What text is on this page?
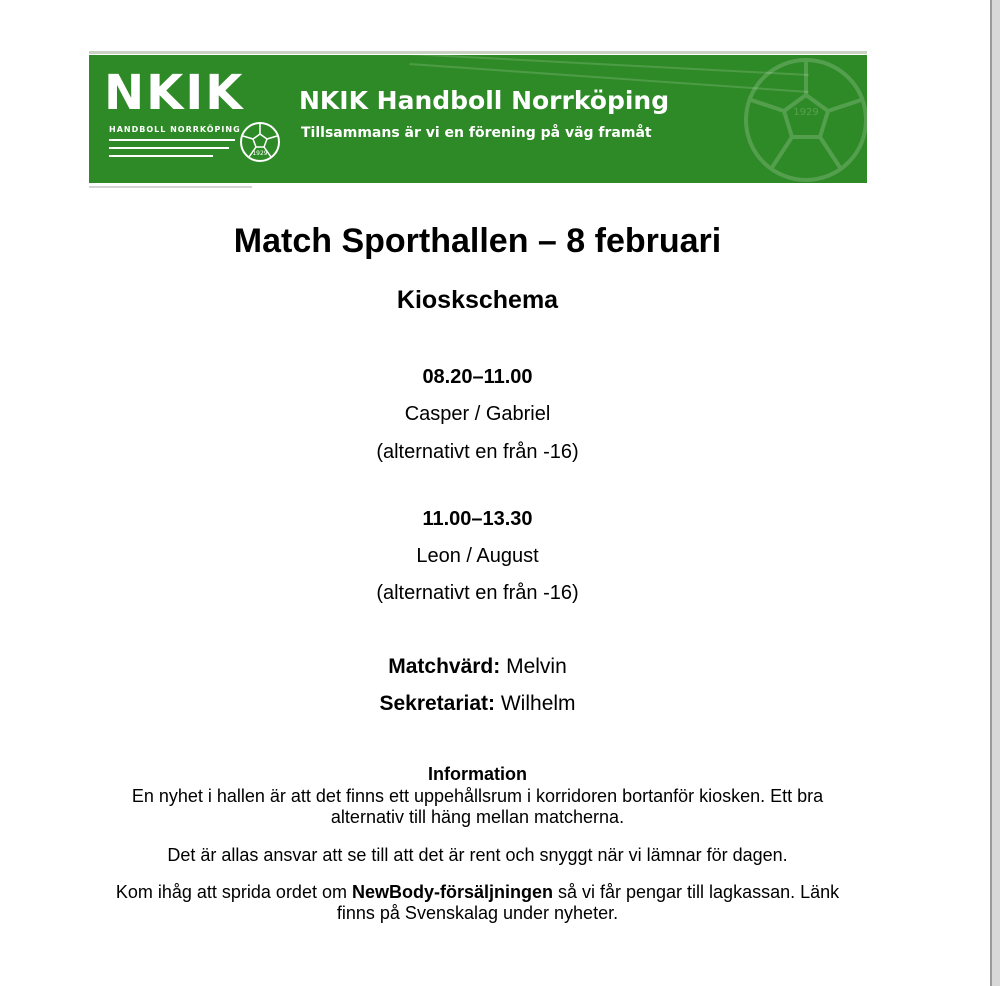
1929
NKIK
HANDBOLL NORRKÖPING
1929
NKIK Handboll Norrköping
Tillsammans är vi en förening på väg framåt
Match Sporthallen – 8 februari
Kioskschema
08.20–11.00
Casper / Gabriel
(alternativt en från -16)
11.00–13.30
Leon / August
(alternativt en från -16)
Matchvärd: Melvin
Sekretariat: Wilhelm
Information
En nyhet i hallen är att det finns ett uppehållsrum i korridoren bortanför kiosken. Ett bra
alternativ till häng mellan matcherna.
Det är allas ansvar att se till att det är rent och snyggt när vi lämnar för dagen.
Kom ihåg att sprida ordet om NewBody-försäljningen så vi får pengar till lagkassan. Länk
finns på Svenskalag under nyheter.
